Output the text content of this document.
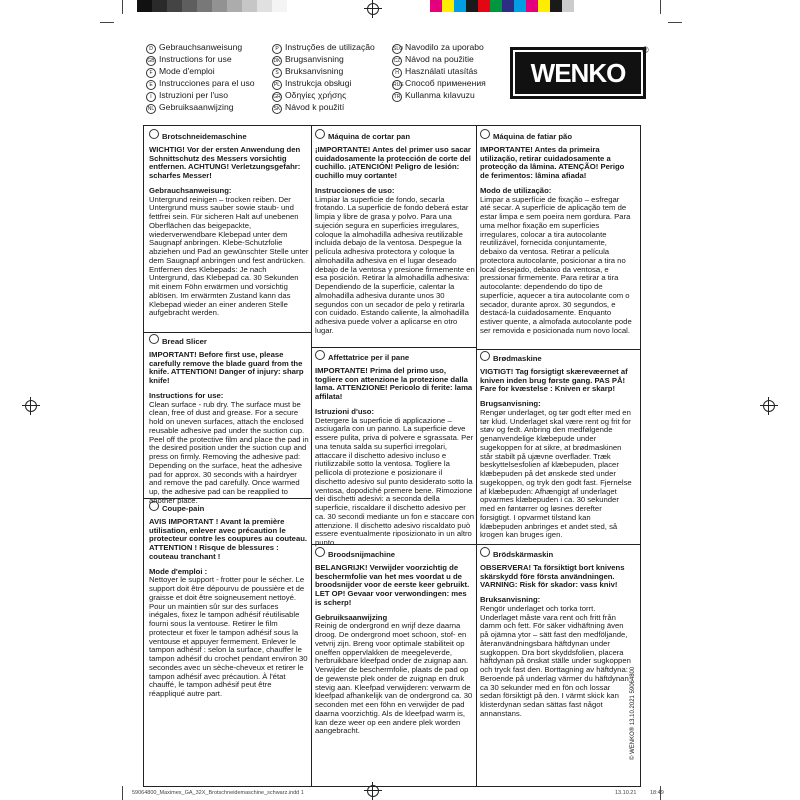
D Gebrauchsanweisung
GB Instructions for use
F Mode d'emploi
E Instrucciones para el uso
I Istruzioni per l'uso
NL Gebruiksaanwijzing
P Instruções de utilização
DK Brugsanvisning
S Bruksanvisning
PL Instrukcja obsługi
GR Οδηγίες χρήσης
SK Návod k použití
SLO Navodilo za uporabo
CZ Návod na použitie
H Használati utasítás
RUSСпособ применения
TR Kullanma kılavuzu
WENKO
®

Brotschneidemaschine

WICHTIG! Vor der ersten Anwendung den Schnittschutz des Messers vorsichtig entfernen. ACHTUNG! Verletzungsgefahr: scharfes Messer!

Gebrauchsanweisung:

Untergrund reinigen – trocken reiben. Der Untergrund muss sauber sowie staub- und fettfrei sein. Für sicheren Halt auf unebenen Oberflächen das beigepackte, wiederverwendbare Klebepad unter dem Saugnapf anbringen. Klebe-Schutzfolie abziehen und Pad an gewünschter Stelle unter dem Saugnapf anbringen und fest andrücken. Entfernen des Klebepads: Je nach Untergrund, das Klebepad ca. 30 Sekunden mit einem Föhn erwärmen und vorsichtig ablösen. Im erwärmten Zustand kann das Klebepad wieder an einer anderen Stelle aufgebracht werden.

Bread Slicer

IMPORTANT! Before first use, please carefully remove the blade guard from the knife. ATTENTION! Danger of injury: sharp knife!

Instructions for use:

Clean surface - rub dry. The surface must be clean, free of dust and grease. For a secure hold on uneven surfaces, attach the enclosed reusable adhesive pad under the suction cup. Peel off the protective film and place the pad in the desired position under the suction cup and press on firmly. Removing the adhesive pad: Depending on the surface, heat the adhesive pad for approx. 30 seconds with a hairdryer and remove the pad carefully. Once warmed up, the adhesive pad can be reapplied to another place.

Coupe-pain

AVIS IMPORTANT ! Avant la première utilisation, enlever avec précaution le protecteur contre les coupures au couteau. ATTENTION ! Risque de blessures : couteau tranchant !

Mode d'emploi :

Nettoyer le support - frotter pour le sécher. Le support doit être dépourvu de poussière et de graisse et doit être soigneusement nettoyé. Pour un maintien sûr sur des surfaces inégales, fixez le tampon adhésif réutilisable fourni sous la ventouse. Retirer le film protecteur et fixer le tampon adhésif sous la ventouse et appuyer fermement. Enlever le tampon adhésif : selon la surface, chauffer le tampon adhésif du crochet pendant environ 30 secondes avec un sèche-cheveux et retirer le tampon adhésif avec précaution. À l'état chauffé, le tampon adhésif peut être réappliqué autre part.

Máquina de cortar pan

¡IMPORTANTE! Antes del primer uso sacar cuidadosamente la protección de corte del cuchillo. ¡ATENCIÓN! Peligro de lesión: cuchillo muy cortante!

Instrucciones de uso:

Limpiar la superficie de fondo, secarla frotando. La superficie de fondo deberá estar limpia y libre de grasa y polvo. Para una sujeción segura en superficies irregulares, coloque la almohadilla adhesiva reutilizable incluida debajo de la ventosa. Despegue la película adhesiva protectora y coloque la almohadilla adhesiva en el lugar deseado debajo de la ventosa y presione firmemente en esa posición. Retirar la almohadilla adhesiva: Dependiendo de la superficie, calentar la almohadilla adhesiva durante unos 30 segundos con un secador de pelo y retirarla con cuidado. Estando caliente, la almohadilla adhesiva puede volver a aplicarse en otro lugar.

Affettatrice per il pane

IMPORTANTE! Prima del primo uso, togliere con attenzione la protezione dalla lama. ATTENZIONE! Pericolo di ferite: lama affilata!

Istruzioni d'uso:

Detergere la superficie di applicazione – asciugarla con un panno. La superficie deve essere pulita, priva di polvere e sgrassata. Per una tenuta salda su superfici irregolari, attaccare il dischetto adesivo incluso e riutilizzabile sotto la ventosa. Togliere la pellicola di protezione e posizionare il dischetto adesivo sul punto desiderato sotto la ventosa, dopodiché premere bene. Rimozione dei dischetti adesivi: a seconda della superficie, riscaldare il dischetto adesivo per ca. 30 secondi mediante un fon e staccare con attenzione. Il dischetto adesivo riscaldato può essere eventualmente riposizionato in un altro punto.

Broodsnijmachine

BELANGRIJK! Verwijder voorzichtig de beschermfolie van het mes voordat u de broodsnijder voor de eerste keer gebruikt. LET OP! Gevaar voor verwondingen: mes is scherp!

Gebruiksaanwijzing

Reinig de ondergrond en wrijf deze daarna droog. De ondergrond moet schoon, stof- en vetvrij zijn. Breng voor optimale stabiliteit op oneffen oppervlakken de meegeleverde, herbruikbare kleefpad onder de zuignap aan. Verwijder de beschermfolie, plaats de pad op de gewenste plek onder de zuignap en druk stevig aan. Kleefpad verwijderen: verwarm de kleefpad afhankelijk van de ondergrond ca. 30 seconden met een föhn en verwijder de pad daarna voorzichtig. Als de kleefpad warm is, kan deze weer op een andere plek worden aangebracht.

Máquina de fatiar pão

IMPORTANTE! Antes da primeira utilização, retirar cuidadosamente a protecção da lâmina. ATENÇÃO! Perigo de ferimentos: lâmina afiada!

Modo de utilização:

Limpar a superfície de fixação – esfregar até secar. A superfície de aplicação tem de estar limpa e sem poeira nem gordura. Para uma melhor fixação em superfícies irregulares, colocar a tira autocolante reutilizável, fornecida conjuntamente, debaixo da ventosa. Retirar a película protectora autocolante, posicionar a tira no local desejado, debaixo da ventosa, e pressionar firmemente. Para retirar a tira autocolante: dependendo do tipo de superfície, aquecer a tira autocolante com o secador, durante aprox. 30 segundos, e destacá-la cuidadosamente. Enquanto estiver quente, a almofada autocolante pode ser removida e posicionada num novo local.

Brødmaskine

VIGTIGT! Tag forsigtigt skærevæernet af kniven inden brug første gang. PAS PÅ! Fare for kvæstelse : Kniven er skarp!

Brugsanvisning:

Rengør underlaget, og tør godt efter med en tør klud. Underlaget skal være rent og frit for støv og fedt. Anbring den medfølgende genanvendelige klæbepude under sugekoppen for at sikre, at brødmaskinen står stabilt på ujævne overflader. Træk beskyttelsesfolien af klæbepuden, placer klæbepuden på det ønskede sted under sugekoppen, og tryk den godt fast. Fjernelse af klæbepuden: Afhængigt af underlaget opvarmes klæbepuden i ca. 30 sekunder med en føntørrer og løsnes derefter forsigtigt. I opvarmet tilstand kan klæbepuden anbringes et andet sted, så krogen kan bruges igen.

Brödskärmaskin

OBSERVERA! Ta försiktigt bort knivens skärskydd före första användningen. VARNING: Risk för skador: vass kniv!

Bruksanvisning:

Rengör underlaget och torka torrt. Underlaget måste vara rent och fritt från damm och fett. För säker vidhäftning även på ojämna ytor – sätt fast den medföljande, återanvändningsbara häftdynan under sugkoppen. Dra bort skyddsfolien, placera häftdynan på önskat ställe under sugkoppen och tryck fast den. Borttagning av häftdyna: Beroende på underlag värmer du häftdynan ca 30 sekunder med en fön och lossar sedan försiktigt på den. I värmt skick kan klisterdynan sedan sättas fast något annanstans.	© WENKO® 13.10.2021 59064800
59064800_Maximex_GA_32X_Brotschneidemaschine_schwarz.indd 1	13.10.21 18:49
